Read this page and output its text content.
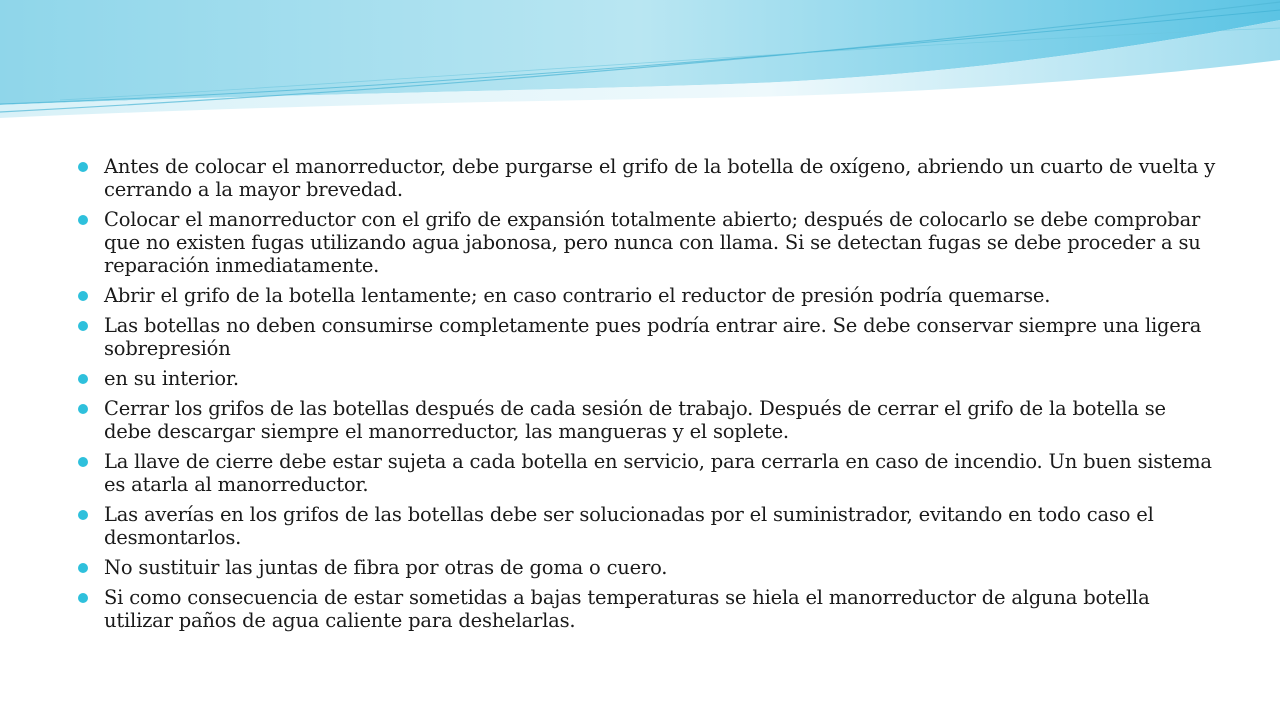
Antes de colocar el manorreductor, debe purgarse el grifo de la botella de oxígeno, abriendo un cuarto de vuelta y cerrando a la mayor brevedad.
Colocar el manorreductor con el grifo de expansión totalmente abierto; después de colocarlo se debe comprobar que no existen fugas utilizando agua jabonosa, pero nunca con llama. Si se detectan fugas se debe proceder a su reparación inmediatamente.
Abrir el grifo de la botella lentamente; en caso contrario el reductor de presión podría quemarse.
Las botellas no deben consumirse completamente pues podría entrar aire. Se debe conservar siempre una ligera sobrepresión
en su interior.
Cerrar los grifos de las botellas después de cada sesión de trabajo. Después de cerrar el grifo de la botella se debe descargar siempre el manorreductor, las mangueras y el soplete.
La llave de cierre debe estar sujeta a cada botella en servicio, para cerrarla en caso de incendio. Un buen sistema es atarla al manorreductor.
Las averías en los grifos de las botellas debe ser solucionadas por el suministrador, evitando en todo caso el desmontarlos.
No sustituir las juntas de fibra por otras de goma o cuero.
Si como consecuencia de estar sometidas a bajas temperaturas se hiela el manorreductor de alguna botella utilizar paños de agua caliente para deshelarlas.
